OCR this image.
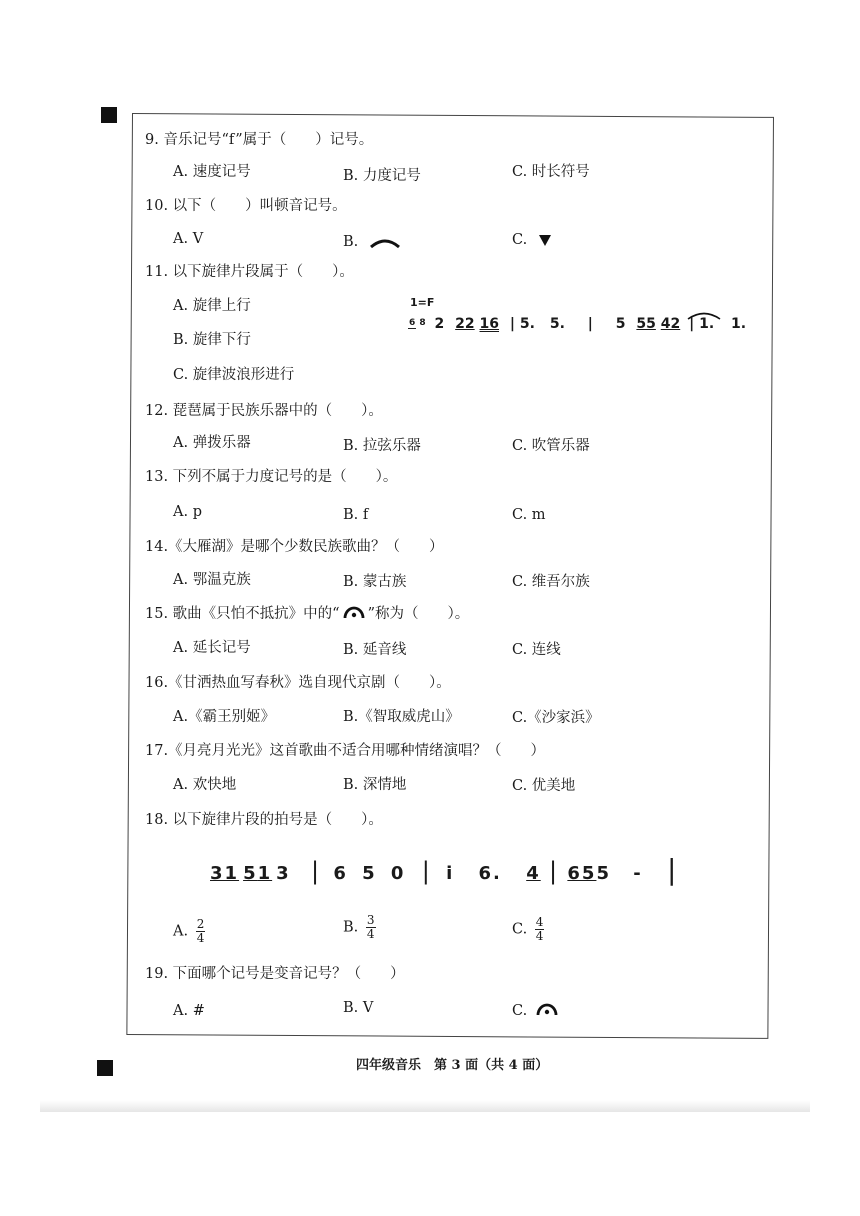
9. 音乐记号“f”属于（　　）记号。
A. 速度记号	B. 力度记号	C. 时长符号
10. 以下（　　）叫顿音记号。
A. V	B.	C.
11. 以下旋律片段属于（　　）。
A. 旋律上行
B. 旋律下行
C. 旋律波浪形进行
1=F
6 8 2 22 16 | 5. 5. | 5 55 42 | 1. 1.
12. 琵琶属于民族乐器中的（　　）。
A. 弹拨乐器	B. 拉弦乐器	C. 吹管乐器
13. 下列不属于力度记号的是（　　）。
A. p	B. f	C. m
14.《大雁湖》是哪个少数民族歌曲？（　　）
A. 鄂温克族	B. 蒙古族	C. 维吾尔族
15. 歌曲《只怕不抵抗》中的“ ”称为（　　）。
A. 延长记号	B. 延音线	C. 连线
16.《甘洒热血写春秋》选自现代京剧（　　）。
A.《霸王别姬》	B.《智取威虎山》	C.《沙家浜》
17.《月亮月光光》这首歌曲不适合用哪种情绪演唱？（　　）
A. 欢快地	B. 深情地	C. 优美地
18. 以下旋律片段的拍号是（　　）。
31 51 3 | 6 5 0 | i 6. 4 | 655 - |
A. $\frac{2}{4}$	B. $\frac{3}{4}$	C. $\frac{4}{4}$
19. 下面哪个记号是变音记号？（　　）
A. #	B. V	C.
四年级音乐　第 3 面（共 4 面）
